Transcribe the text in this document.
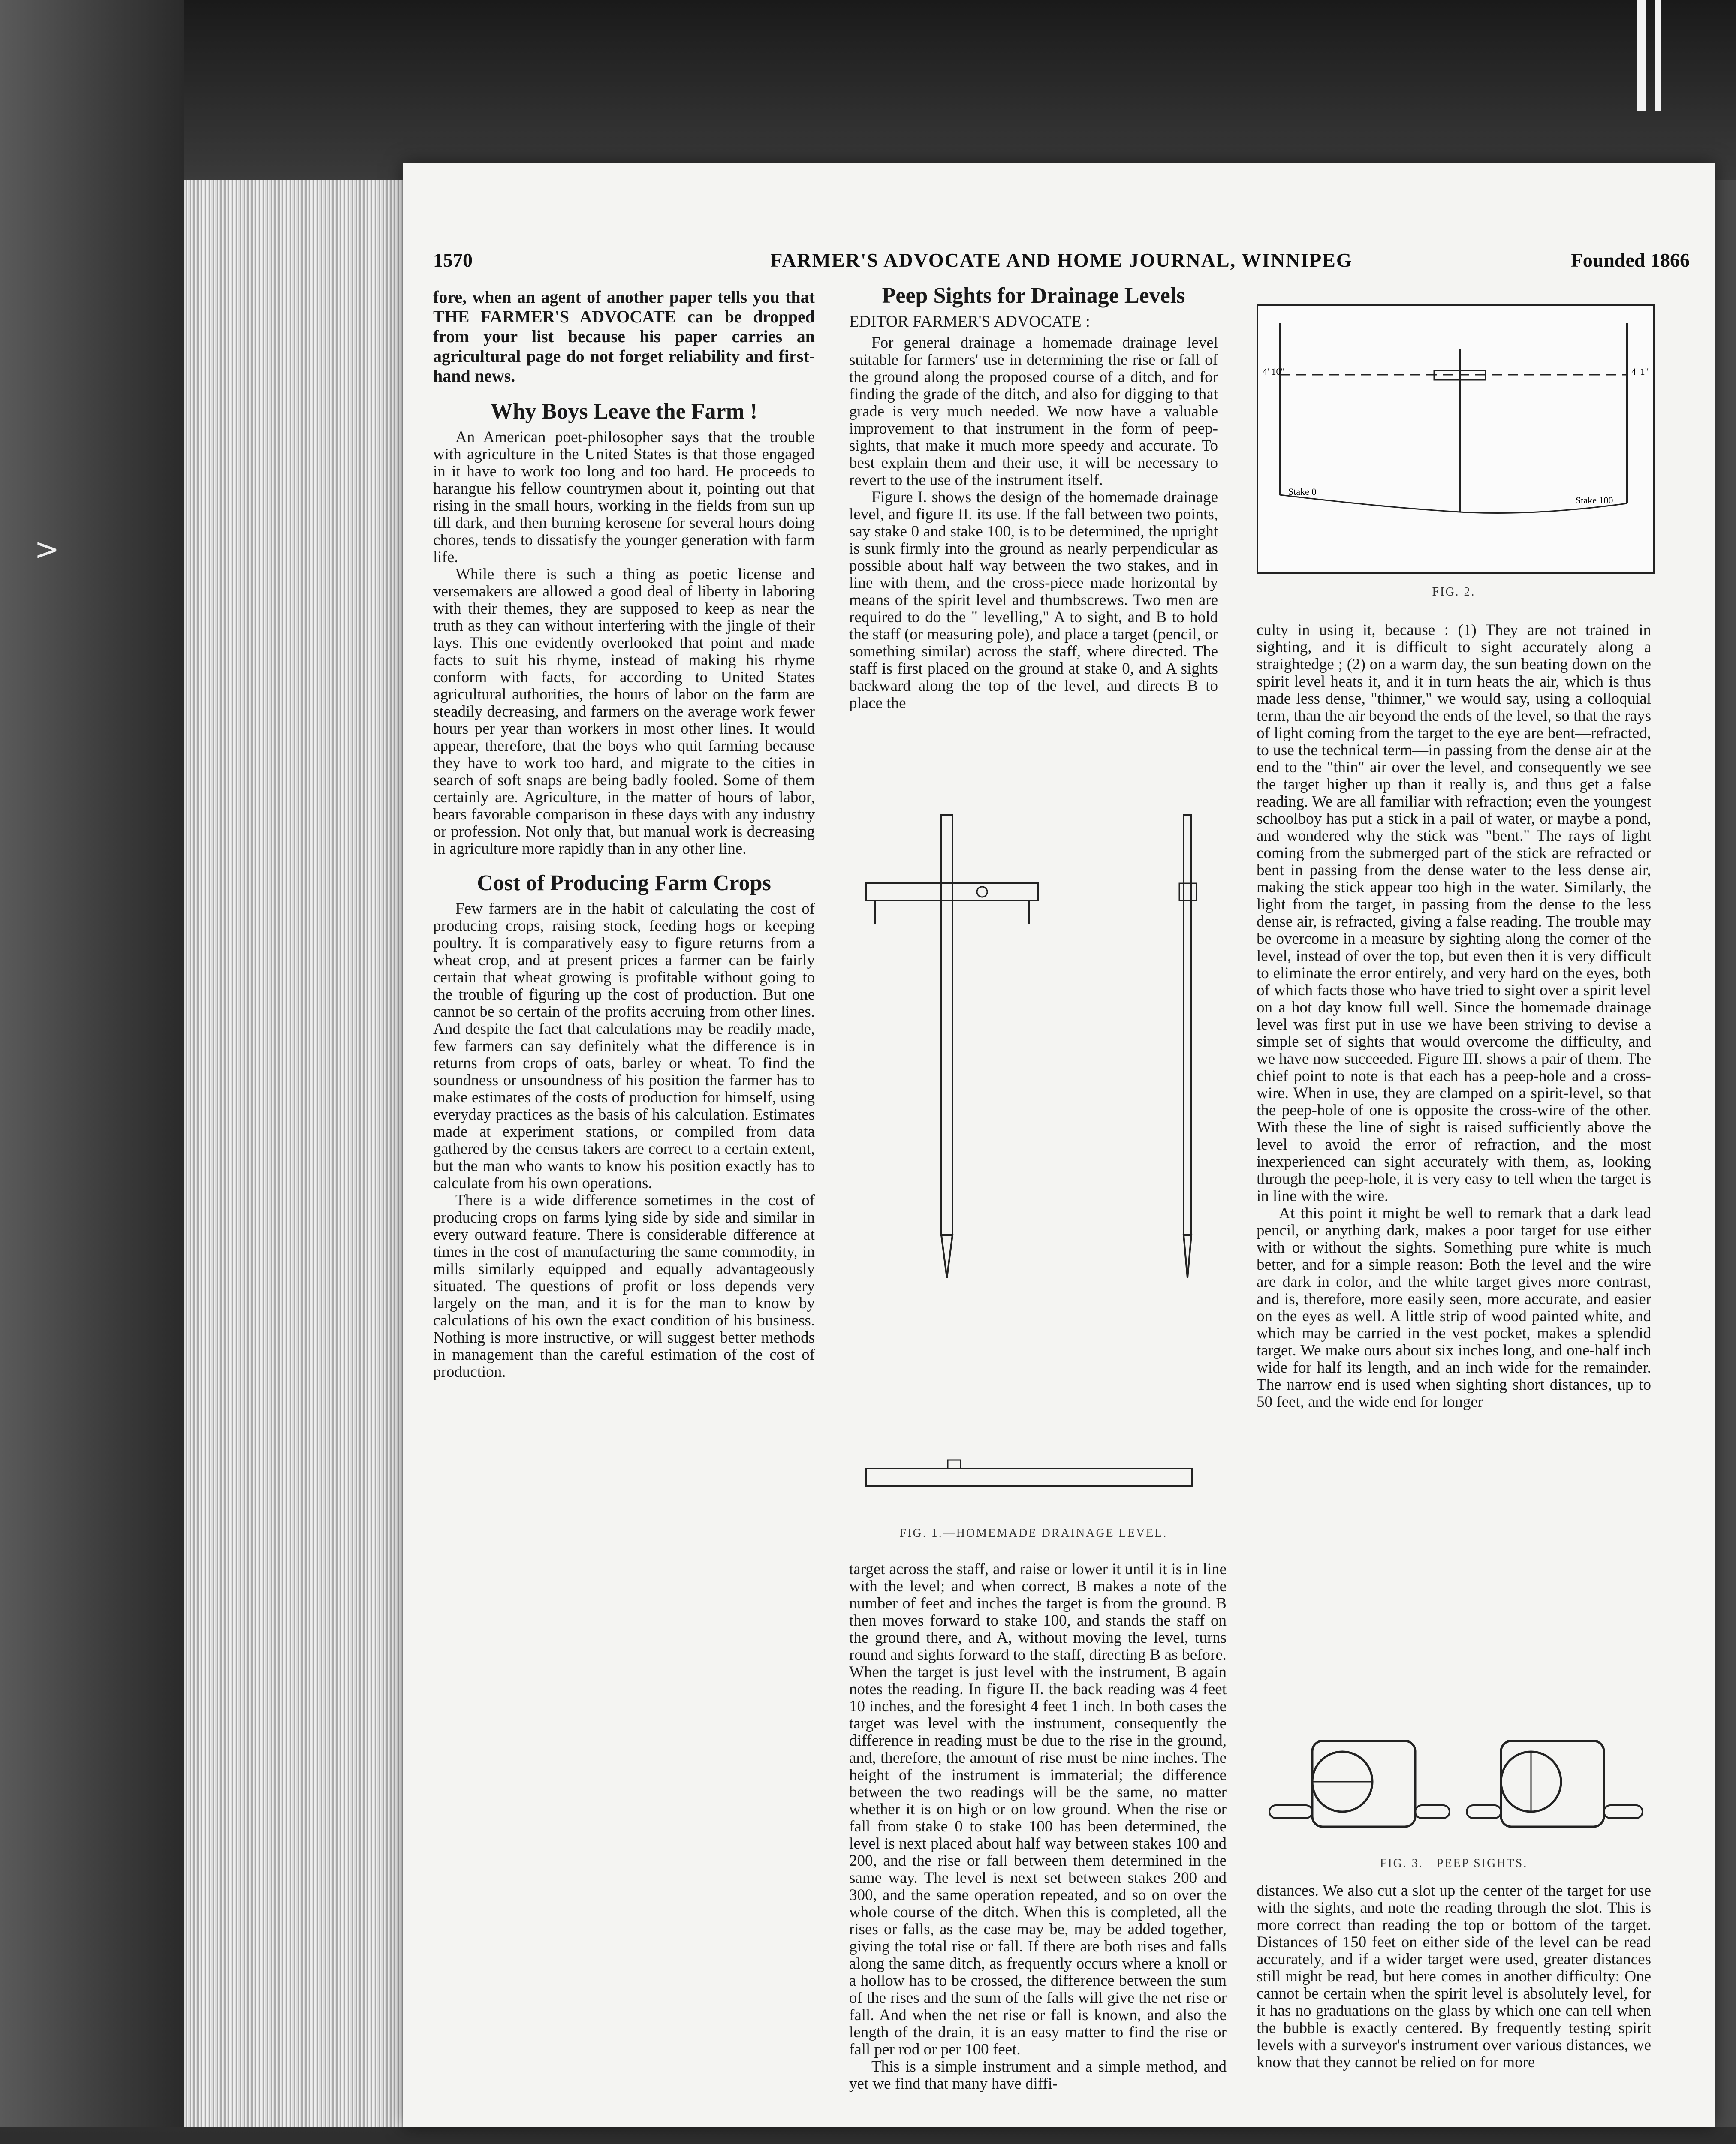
>
1570	FARMER'S ADVOCATE AND HOME JOURNAL, WINNIPEG	Founded 1866

fore, when an agent of another paper tells you that THE FARMER'S ADVOCATE can be dropped from your list because his paper carries an agricultural page do not forget reliability and first-hand news.

Why Boys Leave the Farm !

An American poet-philosopher says that the trouble with agriculture in the United States is that those engaged in it have to work too long and too hard. He proceeds to harangue his fellow countrymen about it, pointing out that rising in the small hours, working in the fields from sun up till dark, and then burning kerosene for several hours doing chores, tends to dissatisfy the younger generation with farm life.

While there is such a thing as poetic license and versemakers are allowed a good deal of liberty in laboring with their themes, they are supposed to keep as near the truth as they can without interfering with the jingle of their lays. This one evidently overlooked that point and made facts to suit his rhyme, instead of making his rhyme conform with facts, for according to United States agricultural authorities, the hours of labor on the farm are steadily decreasing, and farmers on the average work fewer hours per year than workers in most other lines. It would appear, therefore, that the boys who quit farming because they have to work too hard, and migrate to the cities in search of soft snaps are being badly fooled. Some of them certainly are. Agriculture, in the matter of hours of labor, bears favorable comparison in these days with any industry or profession. Not only that, but manual work is decreasing in agriculture more rapidly than in any other line.

Cost of Producing Farm Crops

Few farmers are in the habit of calculating the cost of producing crops, raising stock, feeding hogs or keeping poultry. It is comparatively easy to figure returns from a wheat crop, and at present prices a farmer can be fairly certain that wheat growing is profitable without going to the trouble of figuring up the cost of production. But one cannot be so certain of the profits accruing from other lines. And despite the fact that calculations may be readily made, few farmers can say definitely what the difference is in returns from crops of oats, barley or wheat. To find the soundness or unsoundness of his position the farmer has to make estimates of the costs of production for himself, using everyday practices as the basis of his calculation. Estimates made at experiment stations, or compiled from data gathered by the census takers are correct to a certain extent, but the man who wants to know his position exactly has to calculate from his own operations.

There is a wide difference sometimes in the cost of producing crops on farms lying side by side and similar in every outward feature. There is considerable difference at times in the cost of manufacturing the same commodity, in mills similarly equipped and equally advantageously situated. The questions of profit or loss depends very largely on the man, and it is for the man to know by calculations of his own the exact condition of his business. Nothing is more instructive, or will suggest better methods in management than the careful estimation of the cost of production.

Peep Sights for Drainage Levels
EDITOR FARMER'S ADVOCATE :

For general drainage a homemade drainage level suitable for farmers' use in determining the rise or fall of the ground along the proposed course of a ditch, and for finding the grade of the ditch, and also for digging to that grade is very much needed. We now have a valuable improvement to that instrument in the form of peep-sights, that make it much more speedy and accurate. To best explain them and their use, it will be necessary to revert to the use of the instrument itself.

Figure I. shows the design of the homemade drainage level, and figure II. its use. If the fall between two points, say stake 0 and stake 100, is to be determined, the upright is sunk firmly into the ground as nearly perpendicular as possible about half way between the two stakes, and in line with them, and the cross-piece made horizontal by means of the spirit level and thumbscrews. Two men are required to do the " levelling," A to sight, and B to hold the staff (or measuring pole), and place a target (pencil, or something similar) across the staff, where directed. The staff is first placed on the ground at stake 0, and A sights backward along the top of the level, and directs B to place the

FIG. 1.—HOMEMADE DRAINAGE LEVEL.

target across the staff, and raise or lower it until it is in line with the level; and when correct, B makes a note of the number of feet and inches the target is from the ground. B then moves forward to stake 100, and stands the staff on the ground there, and A, without moving the level, turns round and sights forward to the staff, directing B as before. When the target is just level with the instrument, B again notes the reading. In figure II. the back reading was 4 feet 10 inches, and the foresight 4 feet 1 inch. In both cases the target was level with the instrument, consequently the difference in reading must be due to the rise in the ground, and, therefore, the amount of rise must be nine inches. The height of the instrument is immaterial; the difference between the two readings will be the same, no matter whether it is on high or on low ground. When the rise or fall from stake 0 to stake 100 has been determined, the level is next placed about half way between stakes 100 and 200, and the rise or fall between them determined in the same way. The level is next set between stakes 200 and 300, and the same operation repeated, and so on over the whole course of the ditch. When this is completed, all the rises or falls, as the case may be, may be added together, giving the total rise or fall. If there are both rises and falls along the same ditch, as frequently occurs where a knoll or a hollow has to be crossed, the difference between the sum of the rises and the sum of the falls will give the net rise or fall. And when the net rise or fall is known, and also the length of the drain, it is an easy matter to find the rise or fall per rod or per 100 feet.

This is a simple instrument and a simple method, and yet we find that many have diffi-

4' 10"	4' 1"
Stake 0
Stake 100
FIG. 2.

culty in using it, because : (1) They are not trained in sighting, and it is difficult to sight accurately along a straightedge ; (2) on a warm day, the sun beating down on the spirit level heats it, and it in turn heats the air, which is thus made less dense, "thinner," we would say, using a colloquial term, than the air beyond the ends of the level, so that the rays of light coming from the target to the eye are bent—refracted, to use the technical term—in passing from the dense air at the end to the "thin" air over the level, and consequently we see the target higher up than it really is, and thus get a false reading. We are all familiar with refraction; even the youngest schoolboy has put a stick in a pail of water, or maybe a pond, and wondered why the stick was "bent." The rays of light coming from the submerged part of the stick are refracted or bent in passing from the dense water to the less dense air, making the stick appear too high in the water. Similarly, the light from the target, in passing from the dense to the less dense air, is refracted, giving a false reading. The trouble may be overcome in a measure by sighting along the corner of the level, instead of over the top, but even then it is very difficult to eliminate the error entirely, and very hard on the eyes, both of which facts those who have tried to sight over a spirit level on a hot day know full well. Since the homemade drainage level was first put in use we have been striving to devise a simple set of sights that would overcome the difficulty, and we have now succeeded. Figure III. shows a pair of them. The chief point to note is that each has a peep-hole and a cross-wire. When in use, they are clamped on a spirit-level, so that the peep-hole of one is opposite the cross-wire of the other. With these the line of sight is raised sufficiently above the level to avoid the error of refraction, and the most inexperienced can sight accurately with them, as, looking through the peep-hole, it is very easy to tell when the target is in line with the wire.

At this point it might be well to remark that a dark lead pencil, or anything dark, makes a poor target for use either with or without the sights. Something pure white is much better, and for a simple reason: Both the level and the wire are dark in color, and the white target gives more contrast, and is, therefore, more easily seen, more accurate, and easier on the eyes as well. A little strip of wood painted white, and which may be carried in the vest pocket, makes a splendid target. We make ours about six inches long, and one-half inch wide for half its length, and an inch wide for the remainder. The narrow end is used when sighting short distances, up to 50 feet, and the wide end for longer

FIG. 3.—PEEP SIGHTS.

distances. We also cut a slot up the center of the target for use with the sights, and note the reading through the slot. This is more correct than reading the top or bottom of the target. Distances of 150 feet on either side of the level can be read accurately, and if a wider target were used, greater distances still might be read, but here comes in another difficulty: One cannot be certain when the spirit level is absolutely level, for it has no graduations on the glass by which one can tell when the bubble is exactly centered. By frequently testing spirit levels with a surveyor's instrument over various distances, we know that they cannot be relied on for more
